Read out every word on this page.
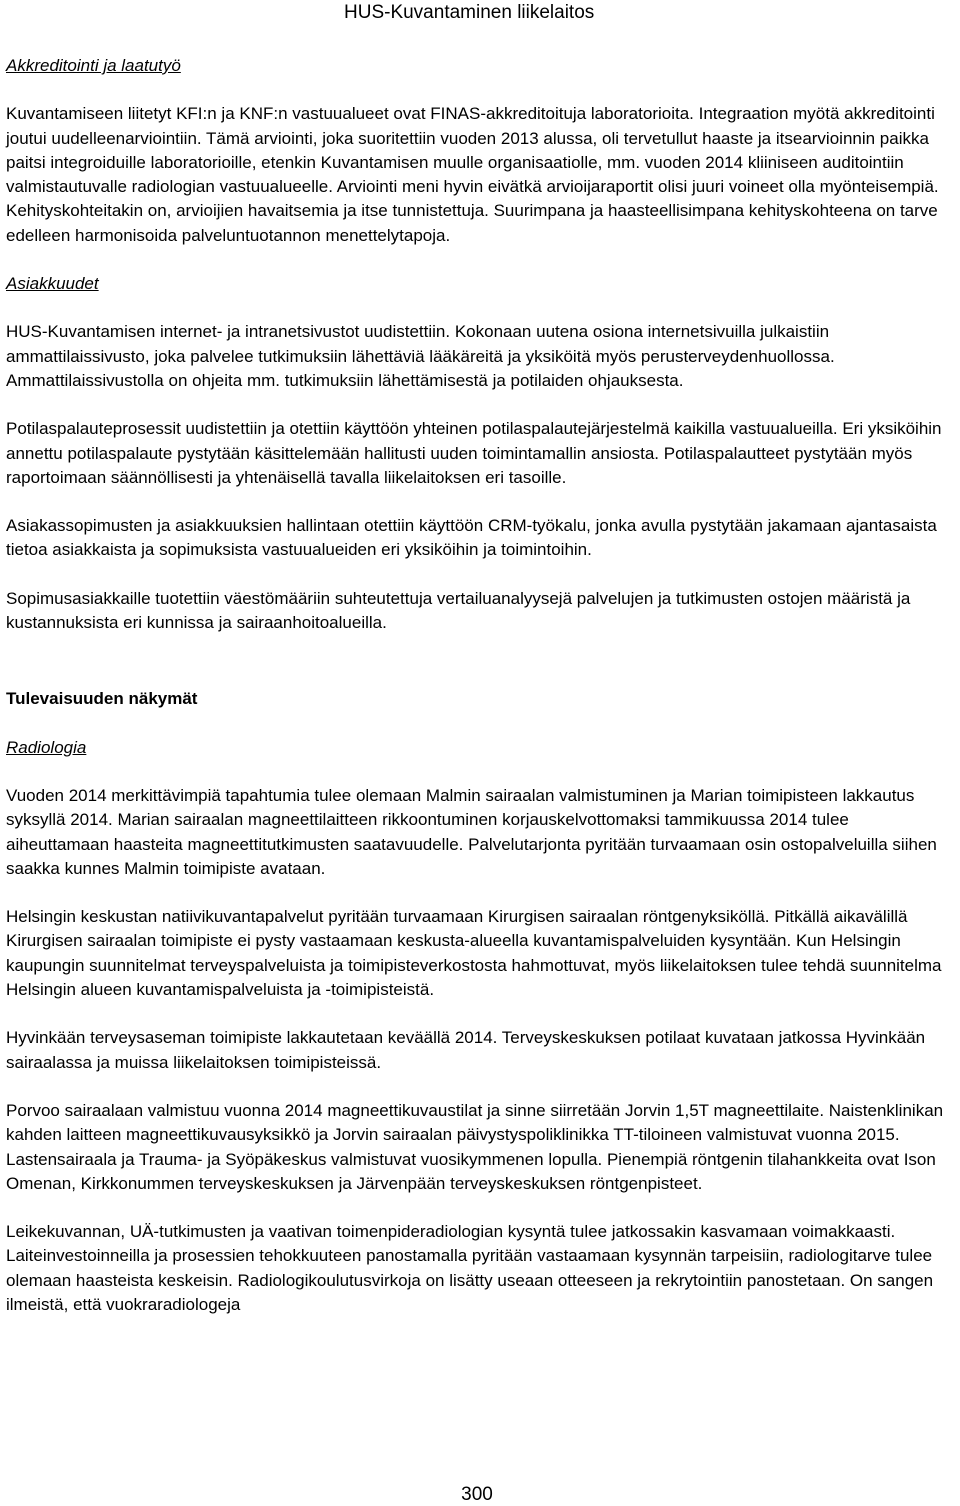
HUS-Kuvantaminen liikelaitos
Akkreditointi ja laatutyö

Kuvantamiseen liitetyt KFI:n ja KNF:n vastuualueet ovat FINAS-akkreditoituja laboratorioita. Integraation myötä akkreditointi joutui uudelleenarviointiin. Tämä arviointi, joka suoritettiin vuoden 2013 alussa, oli tervetullut haaste ja itsearvioinnin paikka paitsi integroiduille laboratorioille, etenkin Kuvantamisen muulle organisaatiolle, mm. vuoden 2014 kliiniseen auditointiin valmistautuvalle radiologian vastuualueelle. Arviointi meni hyvin eivätkä arvioijaraportit olisi juuri voineet olla myönteisempiä. Kehityskohteitakin on, arvioijien havaitsemia ja itse tunnistettuja. Suurimpana ja haasteellisimpana kehityskohteena on tarve edelleen harmonisoida palveluntuotannon menettelytapoja.

Asiakkuudet

HUS-Kuvantamisen internet- ja intranetsivustot uudistettiin. Kokonaan uutena osiona internetsivuilla julkaistiin ammattilaissivusto, joka palvelee tutkimuksiin lähettäviä lääkäreitä ja yksiköitä myös perusterveydenhuollossa. Ammattilaissivustolla on ohjeita mm. tutkimuksiin lähettämisestä ja potilaiden ohjauksesta.

Potilaspalauteprosessit uudistettiin ja otettiin käyttöön yhteinen potilaspalautejärjestelmä kaikilla vastuualueilla. Eri yksiköihin annettu potilaspalaute pystytään käsittelemään hallitusti uuden toimintamallin ansiosta. Potilaspalautteet pystytään myös raportoimaan säännöllisesti ja yhtenäisellä tavalla liikelaitoksen eri tasoille.

Asiakassopimusten ja asiakkuuksien hallintaan otettiin käyttöön CRM-työkalu, jonka avulla pystytään jakamaan ajantasaista tietoa asiakkaista ja sopimuksista vastuualueiden eri yksiköihin ja toimintoihin.

Sopimusasiakkaille tuotettiin väestömääriin suhteutettuja vertailuanalyysejä palvelujen ja tutkimusten ostojen määristä ja kustannuksista eri kunnissa ja sairaanhoitoalueilla.

Tulevaisuuden näkymät
Radiologia

Vuoden 2014 merkittävimpiä tapahtumia tulee olemaan Malmin sairaalan valmistuminen ja Marian toimipisteen lakkautus syksyllä 2014. Marian sairaalan magneettilaitteen rikkoontuminen korjauskelvottomaksi tammikuussa 2014 tulee aiheuttamaan haasteita magneettitutkimusten saatavuudelle. Palvelutarjonta pyritään turvaamaan osin ostopalveluilla siihen saakka kunnes Malmin toimipiste avataan.

Helsingin keskustan natiivikuvantapalvelut pyritään turvaamaan Kirurgisen sairaalan röntgenyksiköllä. Pitkällä aikavälillä Kirurgisen sairaalan toimipiste ei pysty vastaamaan keskusta-alueella kuvantamispalveluiden kysyntään. Kun Helsingin kaupungin suunnitelmat terveyspalveluista ja toimipisteverkostosta hahmottuvat, myös liikelaitoksen tulee tehdä suunnitelma Helsingin alueen kuvantamispalveluista ja -toimipisteistä.

Hyvinkään terveysaseman toimipiste lakkautetaan keväällä 2014. Terveyskeskuksen potilaat kuvataan jatkossa Hyvinkään sairaalassa ja muissa liikelaitoksen toimipisteissä.

Porvoo sairaalaan valmistuu vuonna 2014 magneettikuvaustilat ja sinne siirretään Jorvin 1,5T magneettilaite. Naistenklinikan kahden laitteen magneettikuvausyksikkö ja Jorvin sairaalan päivystyspoliklinikka TT-tiloineen valmistuvat vuonna 2015. Lastensairaala ja Trauma- ja Syöpäkeskus valmistuvat vuosikymmenen lopulla. Pienempiä röntgenin tilahankkeita ovat Ison Omenan, Kirkkonummen terveyskeskuksen ja Järvenpään terveyskeskuksen röntgenpisteet.

Leikekuvannan, UÄ-tutkimusten ja vaativan toimenpideradiologian kysyntä tulee jatkossakin kasvamaan voimakkaasti. Laiteinvestoinneilla ja prosessien tehokkuuteen panostamalla pyritään vastaamaan kysynnän tarpeisiin, radiologitarve tulee olemaan haasteista keskeisin. Radiologikoulutusvirkoja on lisätty useaan otteeseen ja rekrytointiin panostetaan. On sangen ilmeistä, että vuokraradiologeja

300
